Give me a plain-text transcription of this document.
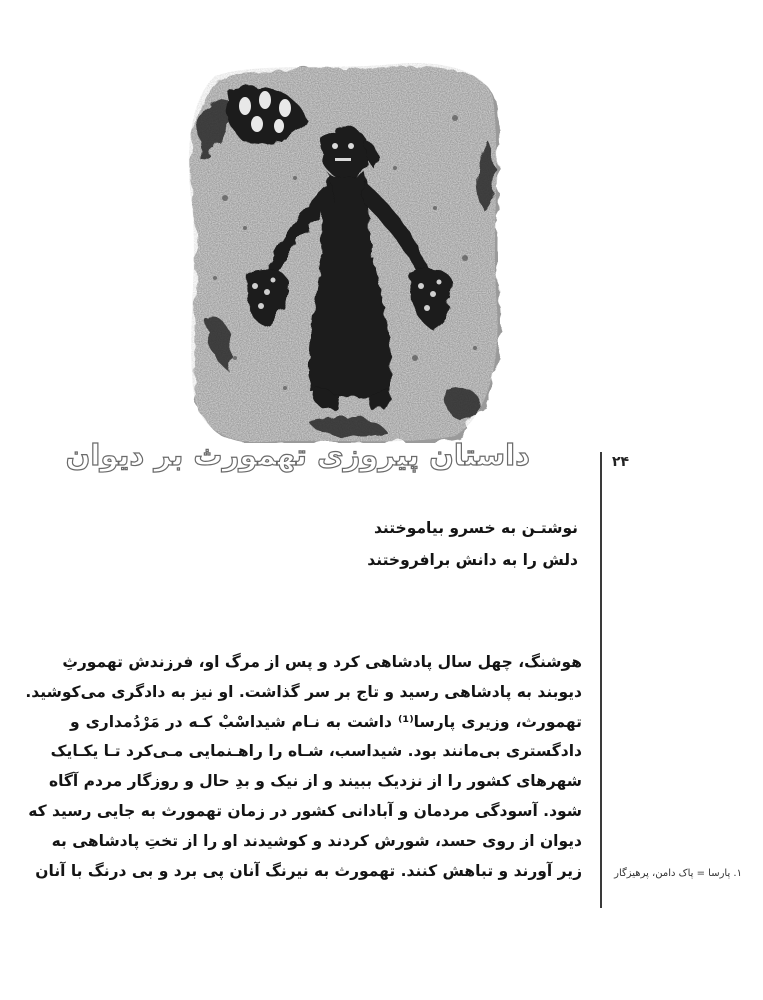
داستان پیروزی تهمورث بر دیوان	۲۴
نوشتـن به خسرو بیاموختند
دلش را به دانش برافروختند
هوشنگ، چهل سال پادشاهی کرد و پس از مرگ او، فرزندش تهمورثِ
دیوبند به پادشاهی رسید و تاج بر سر گذاشت. او نیز به دادگری می‌کوشید.
تهمورث، وزیری پارسا⁽¹⁾ داشت به نـام شیداسْبْ کـه در مَرْدُمداری و
دادگستری بی‌مانند بود. شیداسب، شـاه را راهـنمایی مـی‌کرد تـا یکـایک
شهرهای کشور را از نزدیک ببیند و از نیک و بدِ حال و روزگار مردم آگاه
شود. آسودگی مردمان و آبادانی کشور در زمان تهمورث به جایی رسید که
دیوان از روی حسد، شورش کردند و کوشیدند او را از تختِ پادشاهی به
زیر آورند و تباهش کنند. تهمورث به نیرنگ آنان پی برد و بی درنگ با آنان	۱. پارسا = پاک دامن، پرهیزگار
